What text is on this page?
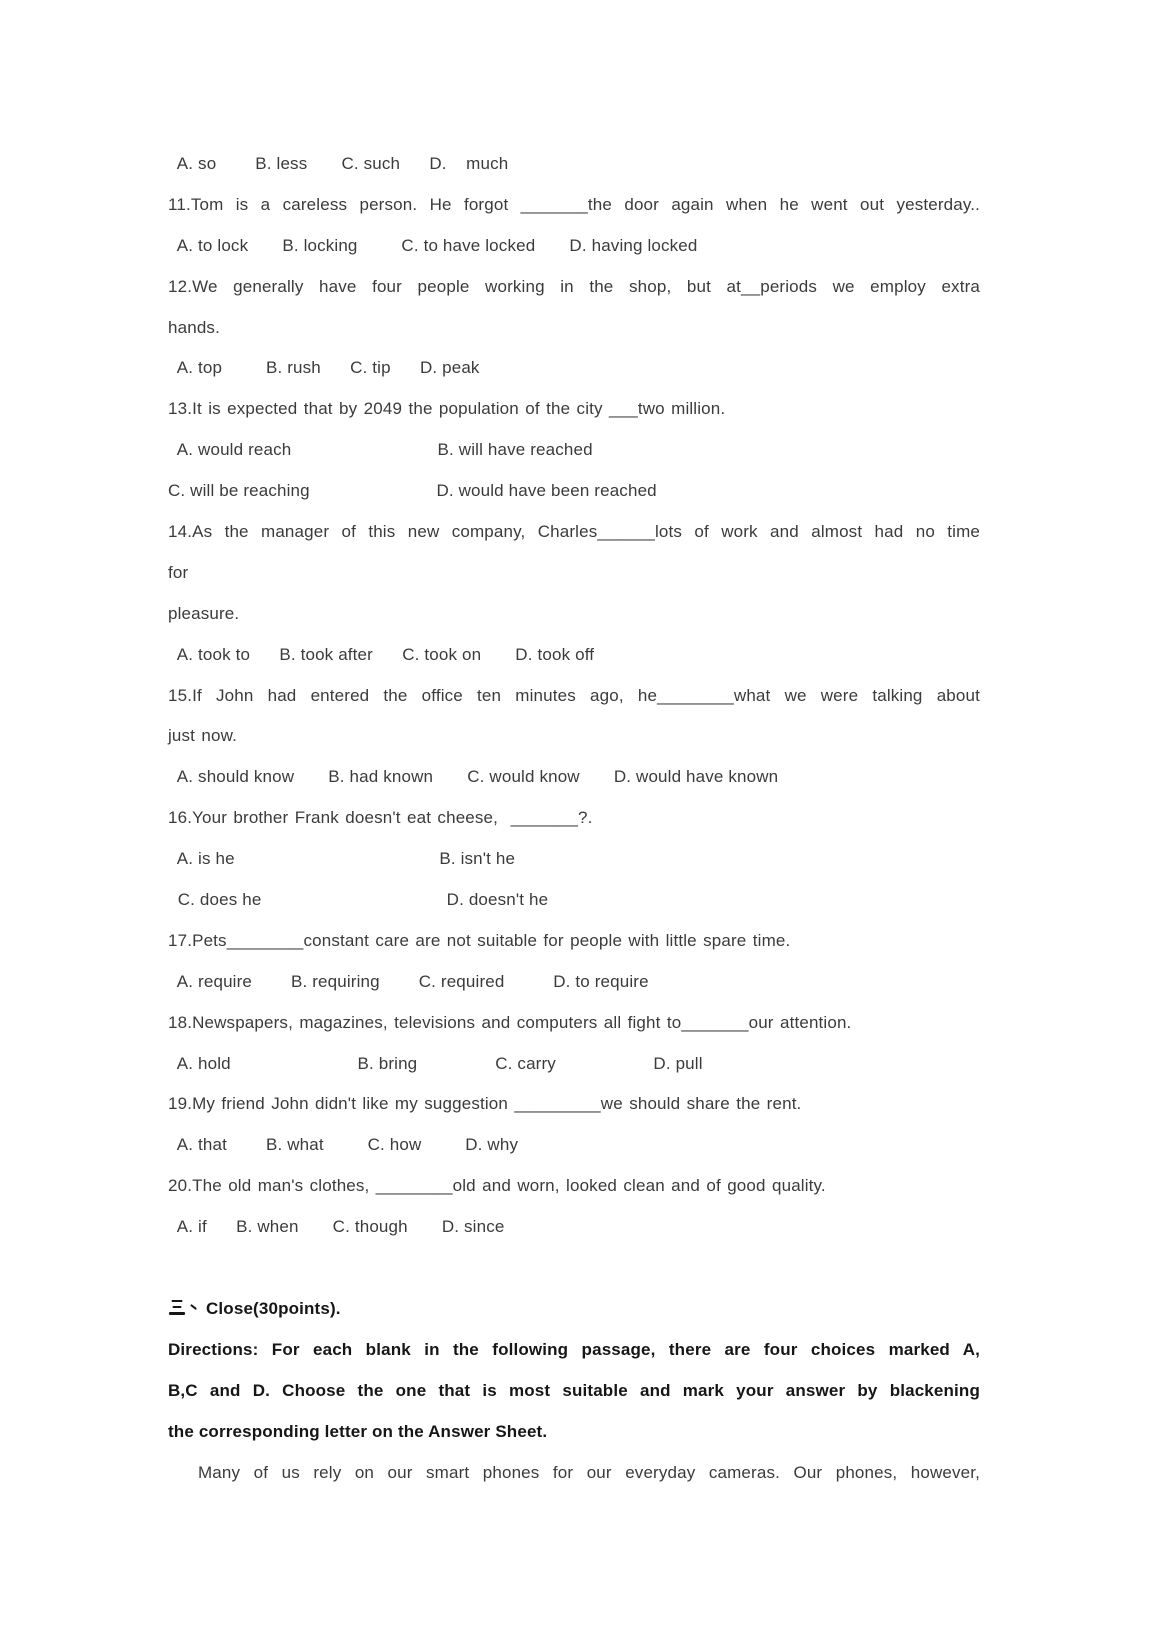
A. so        B. less       C. such      D.    much
11.Tom is a careless person. He forgot _______the door again when he went out yesterday..
A. to lock       B. locking         C. to have locked       D. having locked
12.We generally have four people working in the shop, but at__periods we employ extra
hands.
A. top         B. rush      C. tip      D. peak
13.It is expected that by 2049 the population of the city ___two million.
A. would reach                              B. will have reached
C. will be reaching                          D. would have been reached
14.As the manager of this new company, Charles______lots of work and almost had no time
for
pleasure.
A. took to      B. took after      C. took on       D. took off
15.If John had entered the office ten minutes ago, he________what we were talking about
just now.
A. should know       B. had known       C. would know       D. would have known
16.Your brother Frank doesn't eat cheese,  _______?.
A. is he                                          B. isn't he
C. does he                                      D. doesn't he
17.Pets________constant care are not suitable for people with little spare time.
A. require        B. requiring        C. required          D. to require
18.Newspapers, magazines, televisions and computers all fight to_______our attention.
A. hold                          B. bring                C. carry                    D. pull
19.My friend John didn't like my suggestion _________we should share the rent.
A. that        B. what         C. how         D. why
20.The old man's clothes, ________old and worn, looked clean and of good quality.
A. if      B. when       C. though       D. since
Close(30points).
Directions: For each blank in the following passage, there are four choices marked A,
B,C and D. Choose the one that is most suitable and mark your answer by blackening
the corresponding letter on the Answer Sheet.
Many of us rely on our smart phones for our everyday cameras. Our phones, however,
